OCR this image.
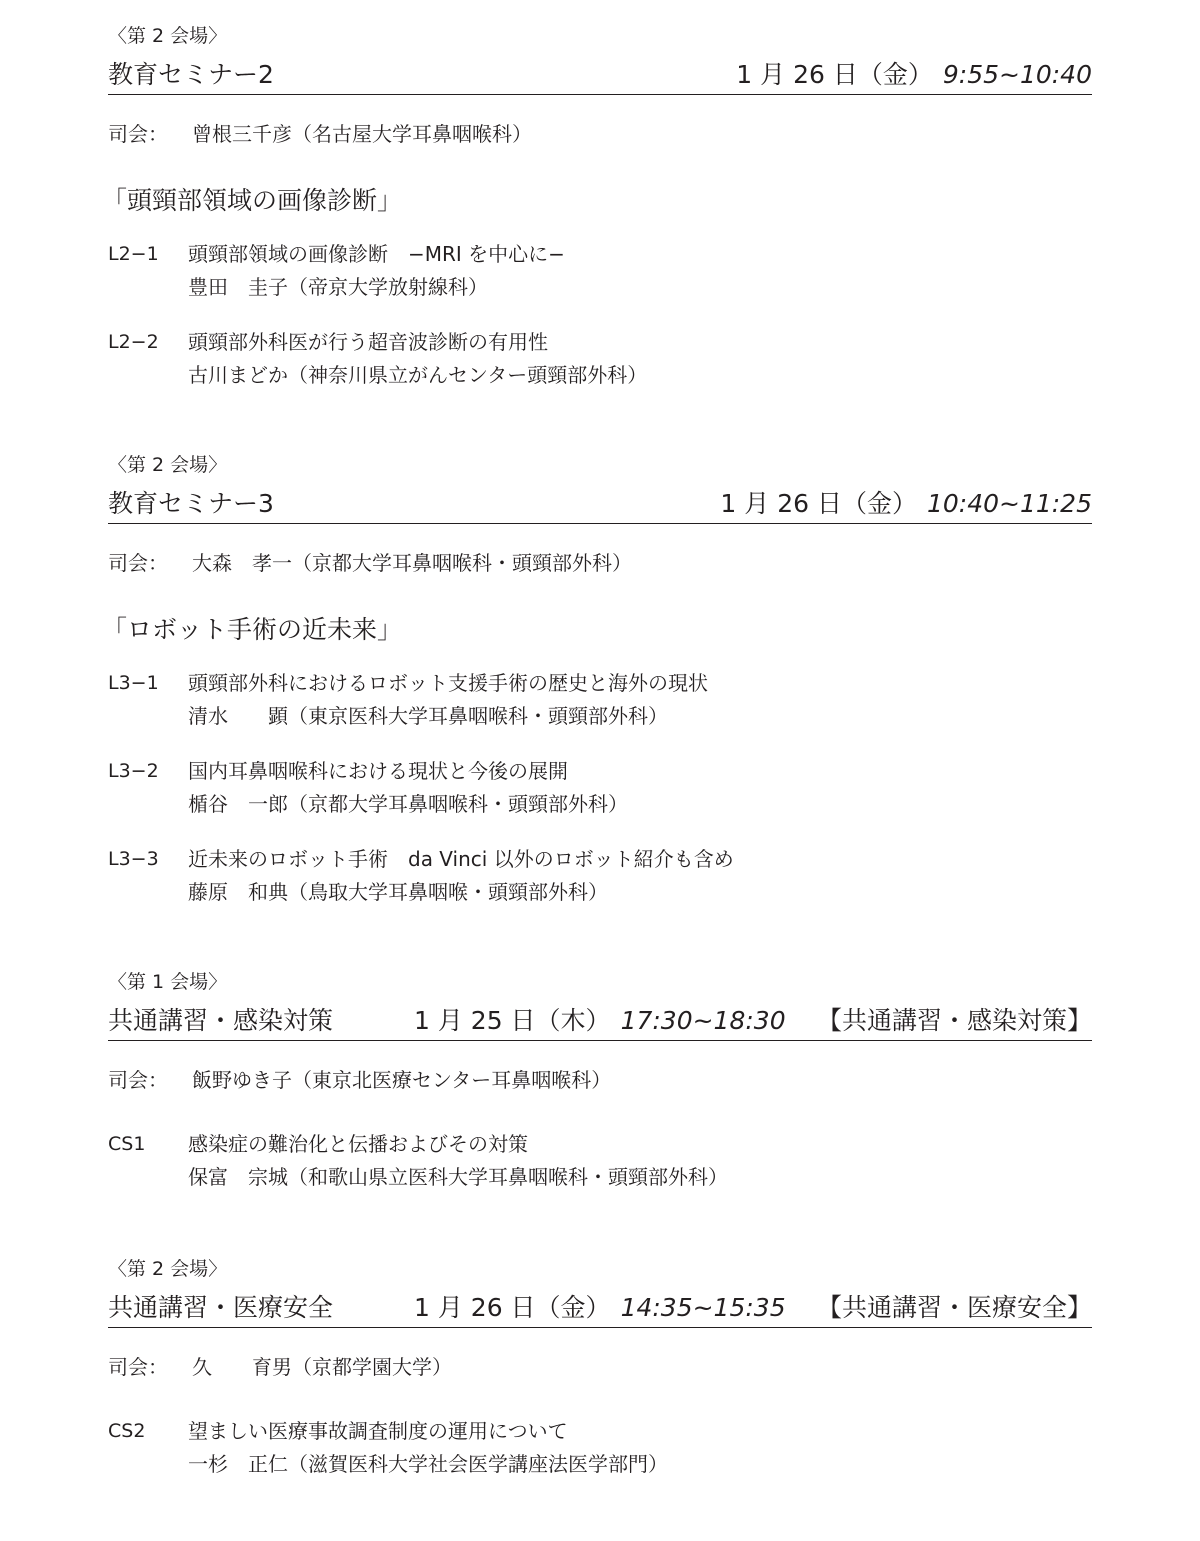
〈第 2 会場〉
教育セミナー2	1 月 26 日（金） 9:55~10:40
司会： 曾根三千彦（名古屋大学耳鼻咽喉科）
「頭頸部領域の画像診断」
L2−1 頭頸部領域の画像診断　−MRI を中心に−
豊田　圭子（帝京大学放射線科）
L2−2 頭頸部外科医が行う超音波診断の有用性
古川まどか（神奈川県立がんセンター頭頸部外科）
〈第 2 会場〉
教育セミナー3	1 月 26 日（金） 10:40~11:25
司会： 大森　孝一（京都大学耳鼻咽喉科・頭頸部外科）
「ロボット手術の近未来」
L3−1 頭頸部外科におけるロボット支援手術の歴史と海外の現状
清水　　顕（東京医科大学耳鼻咽喉科・頭頸部外科）
L3−2 国内耳鼻咽喉科における現状と今後の展開
楯谷　一郎（京都大学耳鼻咽喉科・頭頸部外科）
L3−3 近未来のロボット手術　da Vinci 以外のロボット紹介も含め
藤原　和典（鳥取大学耳鼻咽喉・頭頸部外科）
〈第 1 会場〉
共通講習・感染対策	1 月 25 日（木） 17:30~18:30 【共通講習・感染対策】
司会： 飯野ゆき子（東京北医療センター耳鼻咽喉科）
CS1 感染症の難治化と伝播およびその対策
保富　宗城（和歌山県立医科大学耳鼻咽喉科・頭頸部外科）
〈第 2 会場〉
共通講習・医療安全	1 月 26 日（金） 14:35~15:35 【共通講習・医療安全】
司会： 久　　育男（京都学園大学）
CS2 望ましい医療事故調査制度の運用について
一杉　正仁（滋賀医科大学社会医学講座法医学部門）
